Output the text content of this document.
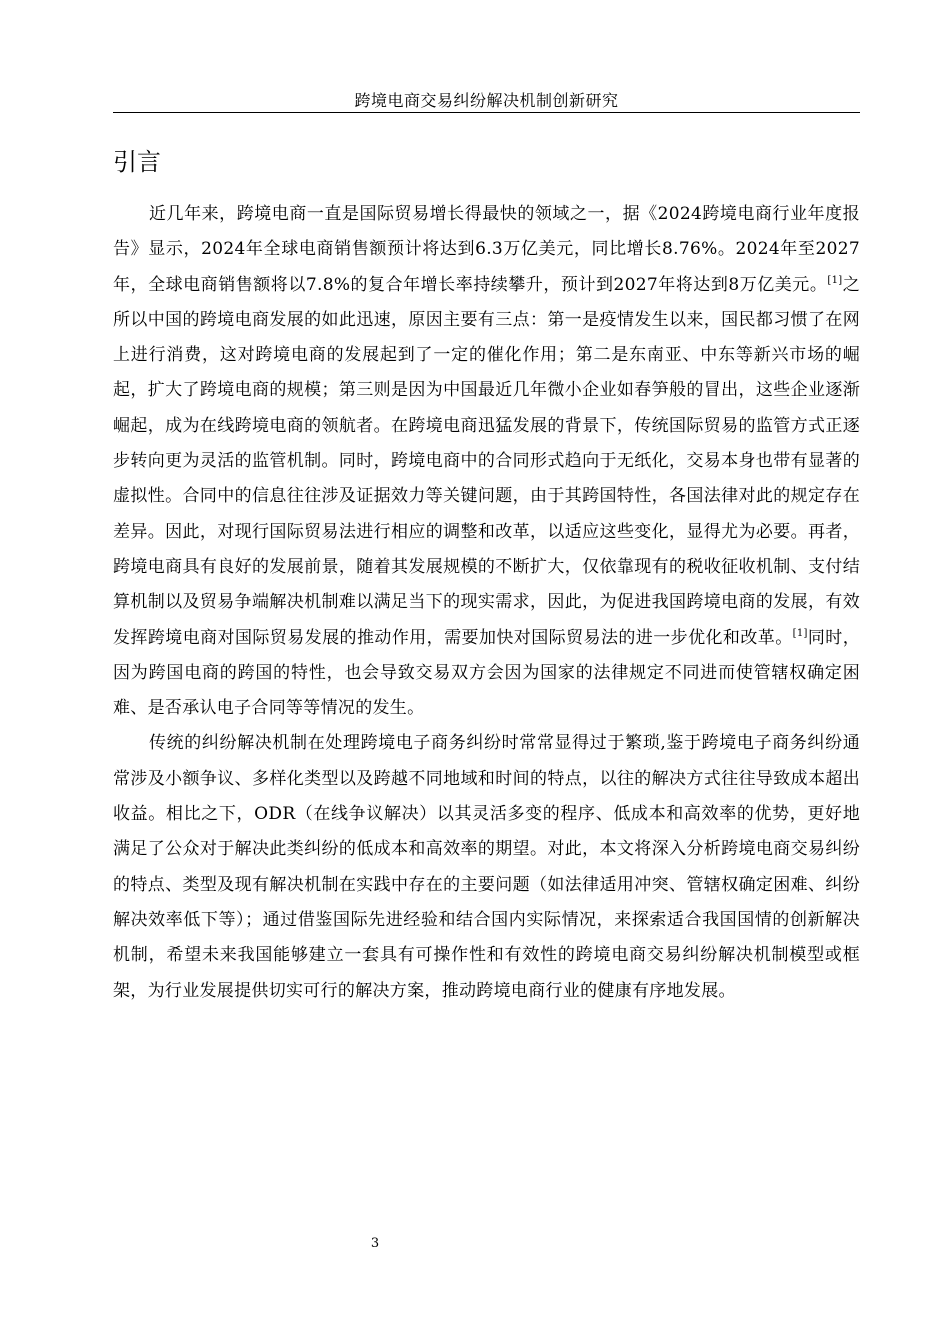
跨境电商交易纠纷解决机制创新研究
引言

近几年来，跨境电商一直是国际贸易增长得最快的领域之一，据《2024跨境电商行业年度报告》显示，2024年全球电商销售额预计将达到6.3万亿美元，同比增长8.76%。2024年至2027年，全球电商销售额将以7.8%的复合年增长率持续攀升，预计到2027年将达到8万亿美元。[1]之所以中国的跨境电商发展的如此迅速，原因主要有三点：第一是疫情发生以来，国民都习惯了在网上进行消费，这对跨境电商的发展起到了一定的催化作用；第二是东南亚、中东等新兴市场的崛起，扩大了跨境电商的规模；第三则是因为中国最近几年微小企业如春笋般的冒出，这些企业逐渐崛起，成为在线跨境电商的领航者。在跨境电商迅猛发展的背景下，传统国际贸易的监管方式正逐步转向更为灵活的监管机制。同时，跨境电商中的合同形式趋向于无纸化，交易本身也带有显著的虚拟性。合同中的信息往往涉及证据效力等关键问题，由于其跨国特性，各国法律对此的规定存在差异。因此，对现行国际贸易法进行相应的调整和改革，以适应这些变化，显得尤为必要。再者，跨境电商具有良好的发展前景，随着其发展规模的不断扩大，仅依靠现有的税收征收机制、支付结算机制以及贸易争端解决机制难以满足当下的现实需求，因此，为促进我国跨境电商的发展，有效发挥跨境电商对国际贸易发展的推动作用，需要加快对国际贸易法的进一步优化和改革。[1]同时，因为跨国电商的跨国的特性，也会导致交易双方会因为国家的法律规定不同进而使管辖权确定困难、是否承认电子合同等等情况的发生。

传统的纠纷解决机制在处理跨境电子商务纠纷时常常显得过于繁琐,鉴于跨境电子商务纠纷通常涉及小额争议、多样化类型以及跨越不同地域和时间的特点，以往的解决方式往往导致成本超出收益。相比之下，ODR（在线争议解决）以其灵活多变的程序、低成本和高效率的优势，更好地满足了公众对于解决此类纠纷的低成本和高效率的期望。对此，本文将深入分析跨境电商交易纠纷的特点、类型及现有解决机制在实践中存在的主要问题（如法律适用冲突、管辖权确定困难、纠纷解决效率低下等）；通过借鉴国际先进经验和结合国内实际情况，来探索适合我国国情的创新解决机制，希望未来我国能够建立一套具有可操作性和有效性的跨境电商交易纠纷解决机制模型或框架，为行业发展提供切实可行的解决方案，推动跨境电商行业的健康有序地发展。

3
